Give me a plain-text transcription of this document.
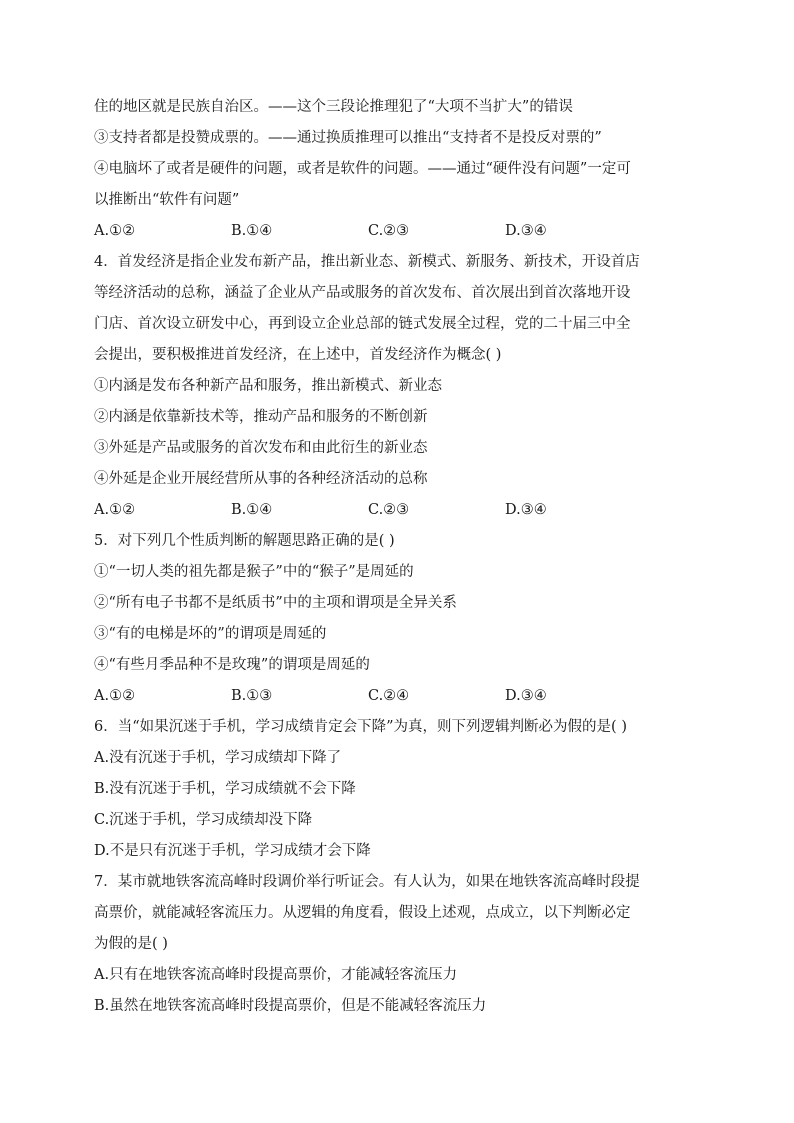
住的地区就是民族自治区。——这个三段论推理犯了“大项不当扩大”的错误
③支持者都是投赞成票的。——通过换质推理可以推出“支持者不是投反对票的”
④电脑坏了或者是硬件的问题，或者是软件的问题。——通过“硬件没有问题”一定可
以推断出“软件有问题”
A.①②	B.①④	C.②③	D.③④
4．首发经济是指企业发布新产品，推出新业态、新模式、新服务、新技术，开设首店
等经济活动的总称，涵益了企业从产品或服务的首次发布、首次展出到首次落地开设
门店、首次设立研发中心，再到设立企业总部的链式发展全过程，党的二十届三中全
会提出，要积极推进首发经济，在上述中，首发经济作为概念( )
①内涵是发布各种新产品和服务，推出新模式、新业态
②内涵是依靠新技术等，推动产品和服务的不断创新
③外延是产品或服务的首次发布和由此衍生的新业态
④外延是企业开展经营所从事的各种经济活动的总称
A.①②	B.①④	C.②③	D.③④
5．对下列几个性质判断的解题思路正确的是( )
①“一切人类的祖先都是猴子”中的“猴子”是周延的
②“所有电子书都不是纸质书”中的主项和谓项是全异关系
③“有的电梯是坏的”的谓项是周延的
④“有些月季品种不是玫瑰”的谓项是周延的
A.①②	B.①③	C.②④	D.③④
6．当“如果沉迷于手机，学习成绩肯定会下降”为真，则下列逻辑判断必为假的是( )
A.没有沉迷于手机，学习成绩却下降了
B.没有沉迷于手机，学习成绩就不会下降
C.沉迷于手机，学习成绩却没下降
D.不是只有沉迷于手机，学习成绩才会下降
7．某市就地铁客流高峰时段调价举行听证会。有人认为，如果在地铁客流高峰时段提
高票价，就能减轻客流压力。从逻辑的角度看，假设上述观，点成立，以下判断必定
为假的是( )
A.只有在地铁客流高峰时段提高票价，才能减轻客流压力
B.虽然在地铁客流高峰时段提高票价，但是不能减轻客流压力
